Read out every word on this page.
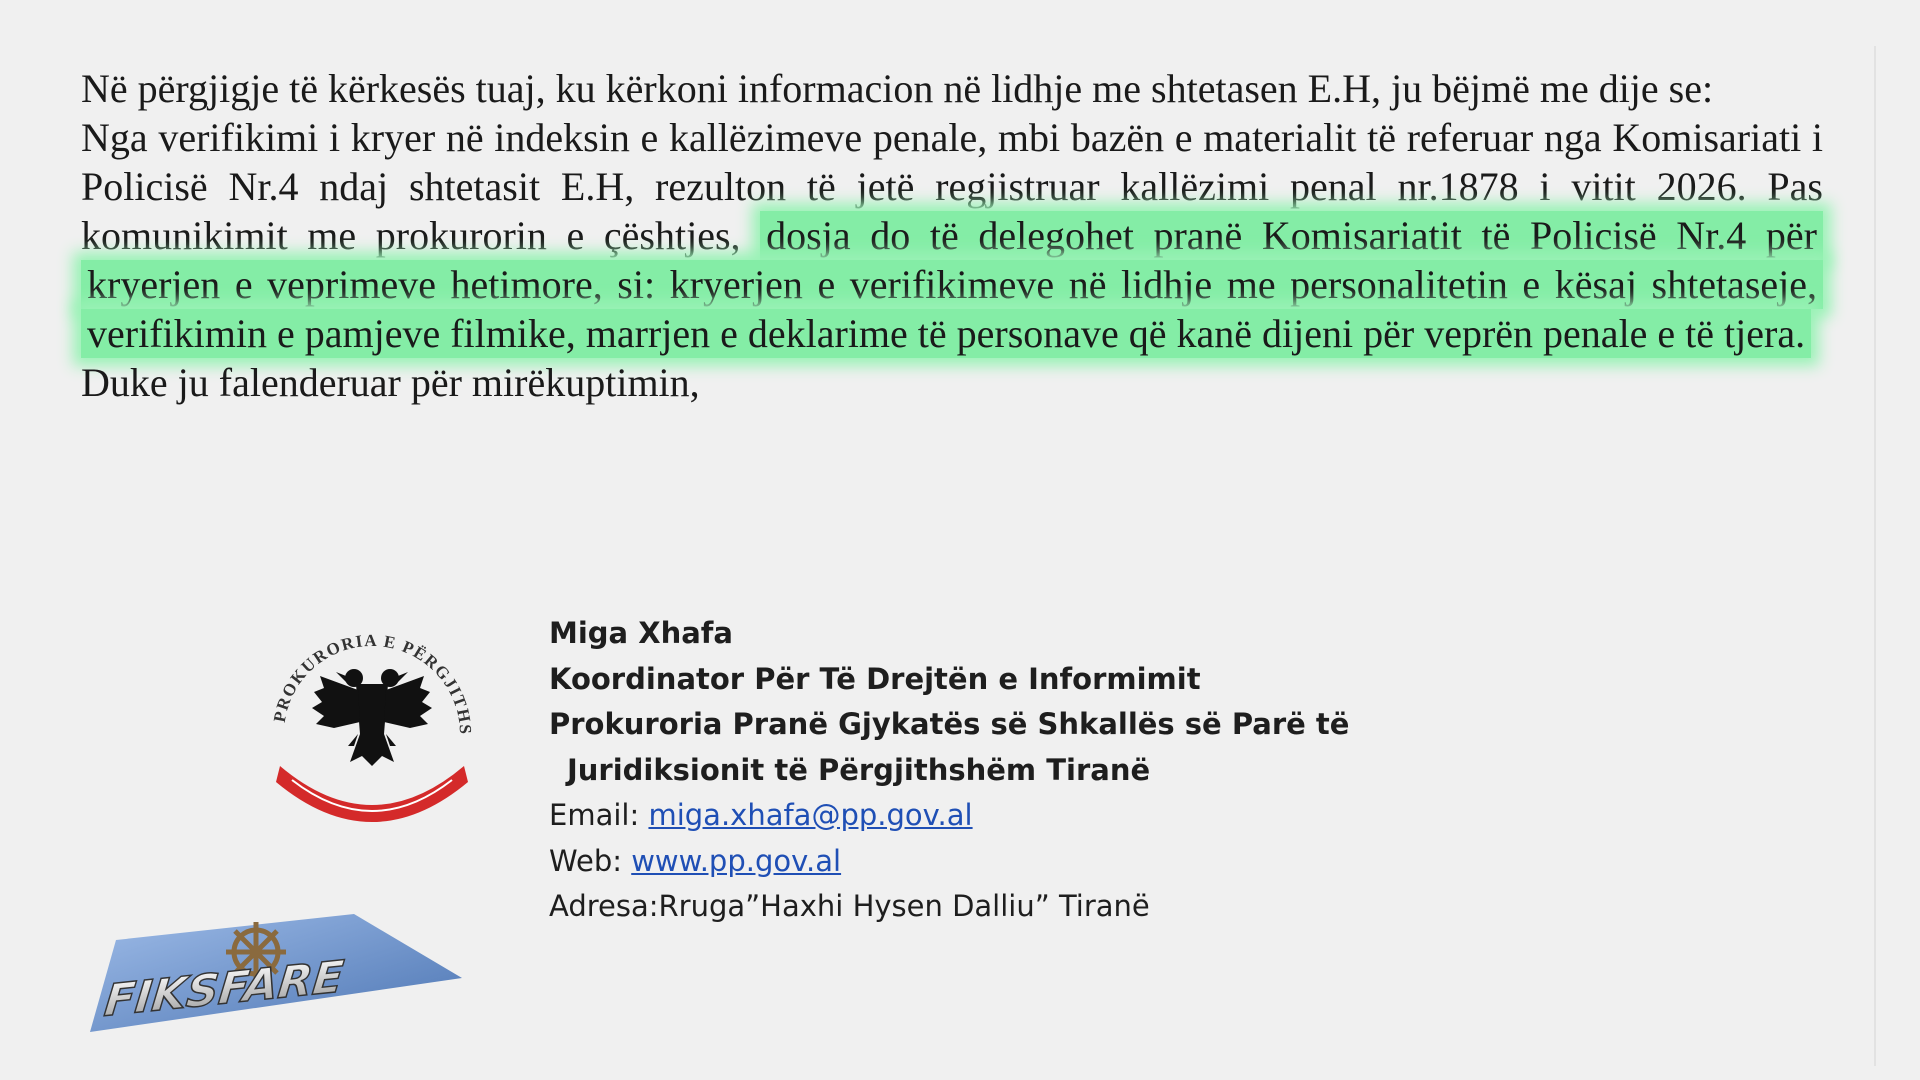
Në përgjigje të kërkesës tuaj, ku kërkoni informacion në lidhje me shtetasen E.H, ju bëjmë me dije se:

Nga verifikimi i kryer në indeksin e kallëzimeve penale, mbi bazën e materialit të referuar nga Komisariati i Policisë Nr.4 ndaj shtetasit E.H, rezulton të jetë regjistruar kallëzimi penal nr.1878 i vitit 2026. Pas komunikimit me prokurorin e çështjes, dosja do të delegohet pranë Komisariatit të Policisë Nr.4 për kryerjen e veprimeve hetimore, si: kryerjen e verifikimeve në lidhje me personalitetin e kësaj shtetaseje, verifikimin e pamjeve filmike, marrjen e deklarime të personave që kanë dijeni për veprën penale e të tjera.

Duke ju falenderuar për mirëkuptimin,

PROKURORIA E PËRGJITHS
Miga Xhafa
Koordinator Për Të Drejtën e Informimit
Prokuroria Pranë Gjykatës së Shkallës së Parë të
Juridiksionit të Përgjithshëm Tiranë
Email: miga.xhafa@pp.gov.al
Web: www.pp.gov.al
Adresa:Rruga”Haxhi Hysen Dalliu” Tiranë
FIKSFARE
